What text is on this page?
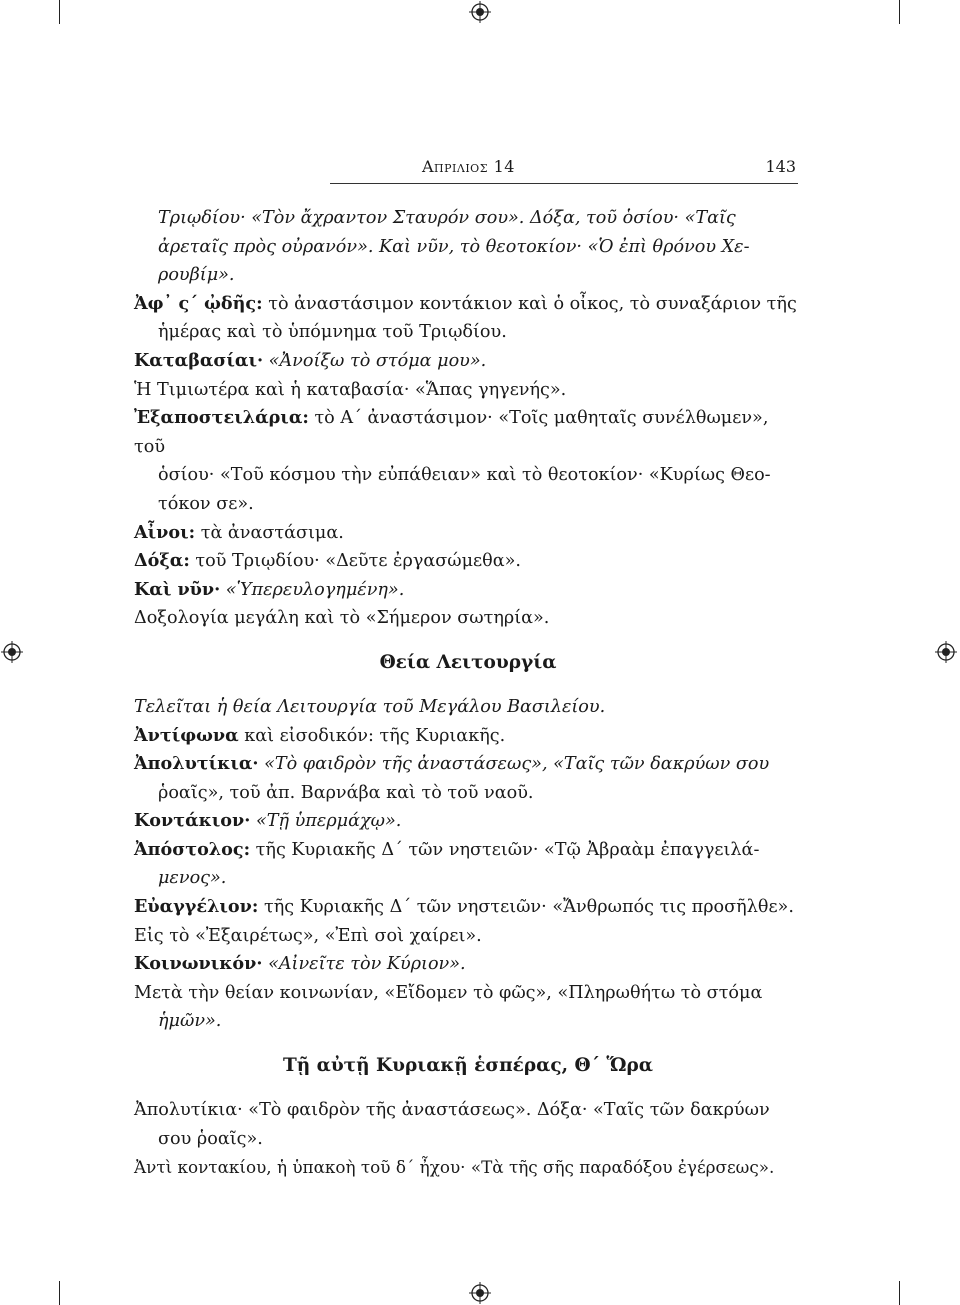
Απριλιος 14	143

Τριῳδίου· «Τὸν ἄχραντον Σταυρόν σου». Δόξα, τοῦ ὁσίου· «Ταῖς

ἀρεταῖς πρὸς οὐρανόν». Καὶ νῦν, τὸ θεοτοκίον· «Ὁ ἐπὶ θρόνου Χε-

ρουβίμ».

Ἀφ᾽ ς΄ ᾠδῆς: τὸ ἀναστάσιμον κοντάκιον καὶ ὁ οἶκος, τὸ συναξάριον τῆς

ἡμέρας καὶ τὸ ὑπόμνημα τοῦ Τριῳδίου.

Καταβασίαι· «Ἀνοίξω τὸ στόμα μου».

Ἡ Τιμιωτέρα καὶ ἡ καταβασία· «Ἅπας γηγενής».

Ἐξαποστειλάρια: τὸ Α΄ ἀναστάσιμον· «Τοῖς μαθηταῖς συνέλθωμεν», τοῦ

ὁσίου· «Τοῦ κόσμου τὴν εὐπάθειαν» καὶ τὸ θεοτοκίον· «Κυρίως Θεο-

τόκον σε».

Αἶνοι: τὰ ἀναστάσιμα.

Δόξα: τοῦ Τριῳδίου· «Δεῦτε ἐργασώμεθα».

Καὶ νῦν· «Ὑπερευλογημένη».

Δοξολογία μεγάλη καὶ τὸ «Σήμερον σωτηρία».

Θεία Λειτουργία

Τελεῖται ἡ θεία Λειτουργία τοῦ Μεγάλου Βασιλείου.

Ἀντίφωνα καὶ εἰσοδικόν: τῆς Κυριακῆς.

Ἀπολυτίκια· «Τὸ φαιδρὸν τῆς ἀναστάσεως», «Ταῖς τῶν δακρύων σου

ῥοαῖς», τοῦ ἀπ. Βαρνάβα καὶ τὸ τοῦ ναοῦ.

Κοντάκιον· «Τῇ ὑπερμάχῳ».

Ἀπόστολος: τῆς Κυριακῆς Δ΄ τῶν νηστειῶν· «Τῷ Ἀβραὰμ ἐπαγγειλά-

μενος».

Εὐαγγέλιον: τῆς Κυριακῆς Δ΄ τῶν νηστειῶν· «Ἄνθρωπός τις προσῆλθε».

Εἰς τὸ «Ἐξαιρέτως», «Ἐπὶ σοὶ χαίρει».

Κοινωνικόν· «Αἰνεῖτε τὸν Κύριον».

Μετὰ τὴν θείαν κοινωνίαν, «Εἴδομεν τὸ φῶς», «Πληρωθήτω τὸ στόμα

ἡμῶν».

Τῇ αὐτῇ Κυριακῇ ἑσπέρας, Θ΄ Ὥρα

Ἀπολυτίκια· «Τὸ φαιδρὸν τῆς ἀναστάσεως». Δόξα· «Ταῖς τῶν δακρύων

σου ῥοαῖς».

Ἀντὶ κοντακίου, ἡ ὑπακοὴ τοῦ δ΄ ἦχου· «Τὰ τῆς σῆς παραδόξου ἐγέρσεως».
